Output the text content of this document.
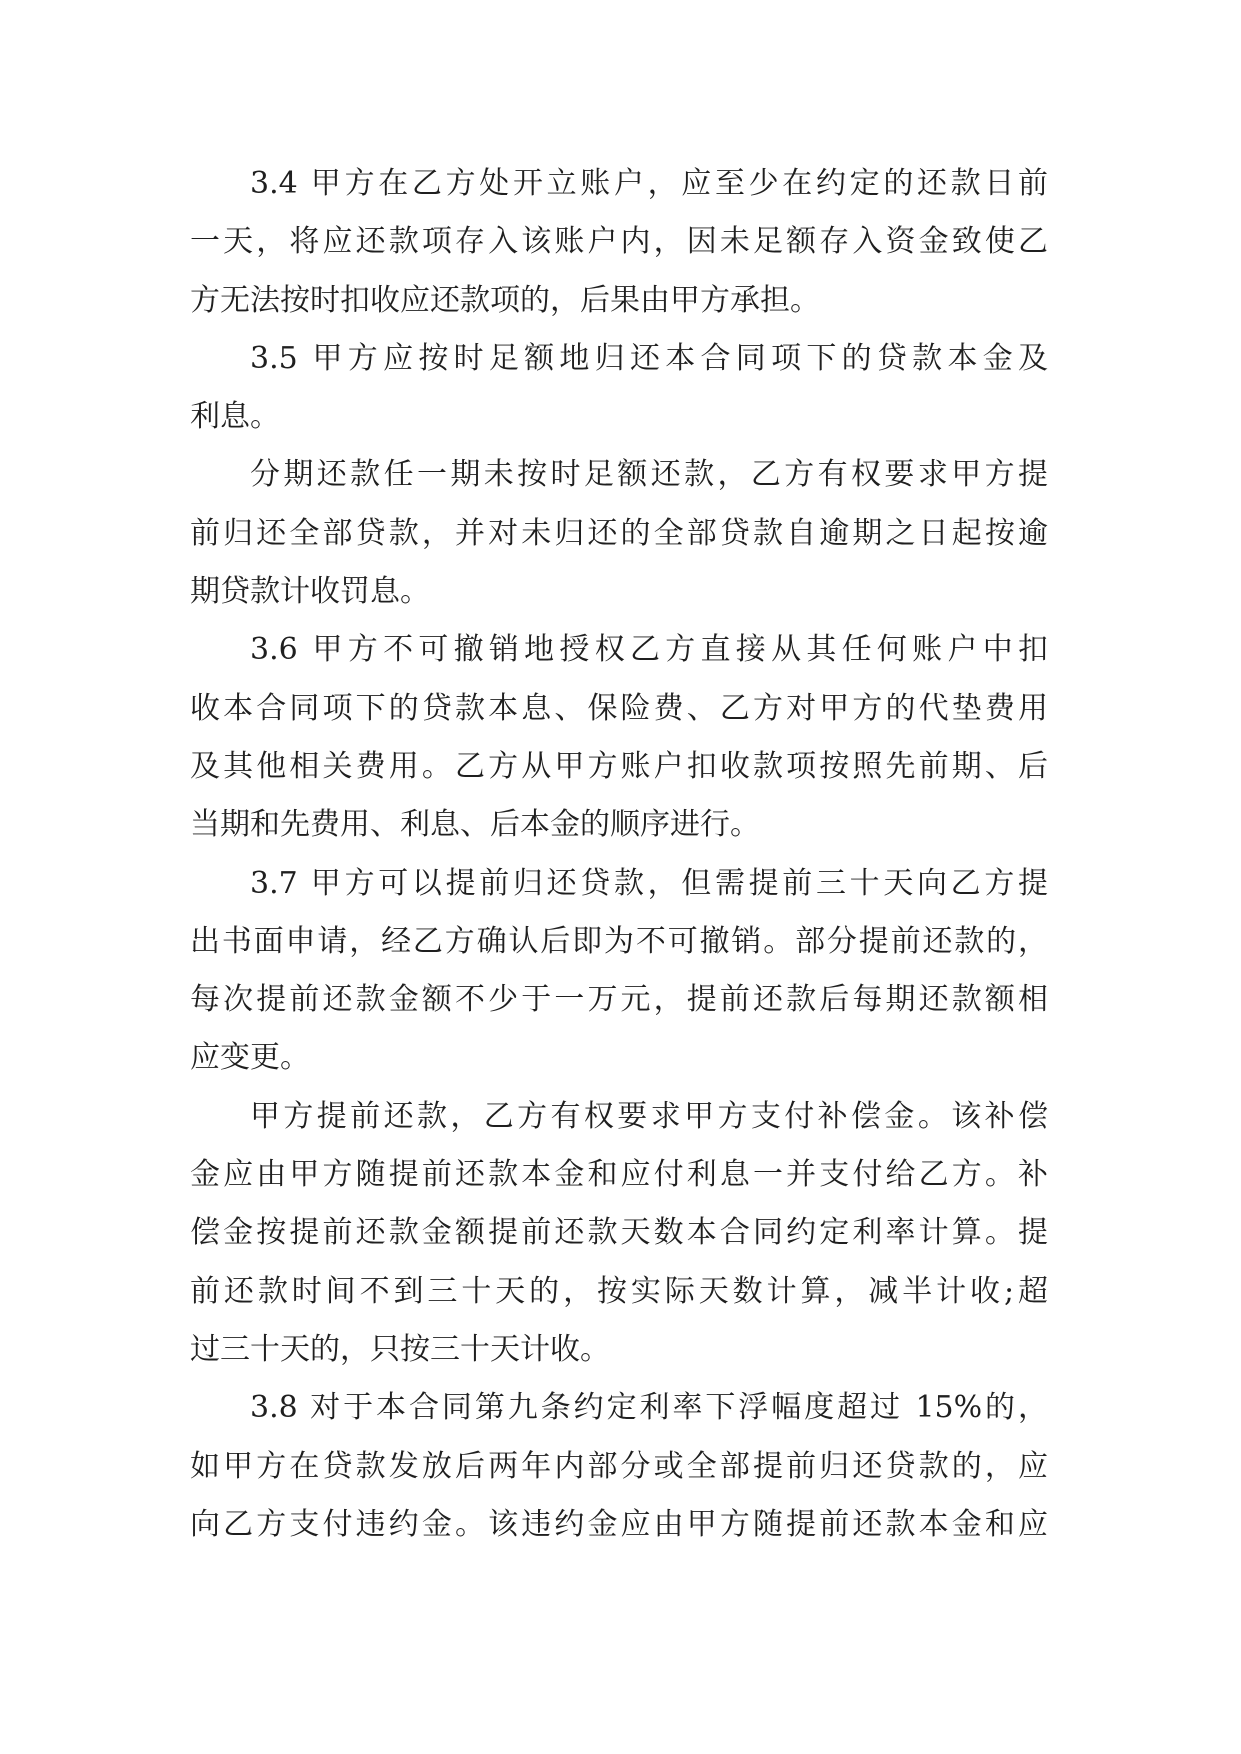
3.4 甲方在乙方处开立账户，应至少在约定的还款日前
一天，将应还款项存入该账户内，因未足额存入资金致使乙
方无法按时扣收应还款项的，后果由甲方承担。
3.5 甲方应按时足额地归还本合同项下的贷款本金及
利息。
分期还款任一期未按时足额还款，乙方有权要求甲方提
前归还全部贷款，并对未归还的全部贷款自逾期之日起按逾
期贷款计收罚息。
3.6 甲方不可撤销地授权乙方直接从其任何账户中扣
收本合同项下的贷款本息、保险费、乙方对甲方的代垫费用
及其他相关费用。乙方从甲方账户扣收款项按照先前期、后
当期和先费用、利息、后本金的顺序进行。
3.7 甲方可以提前归还贷款，但需提前三十天向乙方提
出书面申请，经乙方确认后即为不可撤销。部分提前还款的，
每次提前还款金额不少于一万元，提前还款后每期还款额相
应变更。
甲方提前还款，乙方有权要求甲方支付补偿金。该补偿
金应由甲方随提前还款本金和应付利息一并支付给乙方。补
偿金按提前还款金额提前还款天数本合同约定利率计算。提
前还款时间不到三十天的，按实际天数计算，减半计收;超
过三十天的，只按三十天计收。
3.8 对于本合同第九条约定利率下浮幅度超过 15%的，
如甲方在贷款发放后两年内部分或全部提前归还贷款的，应
向乙方支付违约金。该违约金应由甲方随提前还款本金和应
